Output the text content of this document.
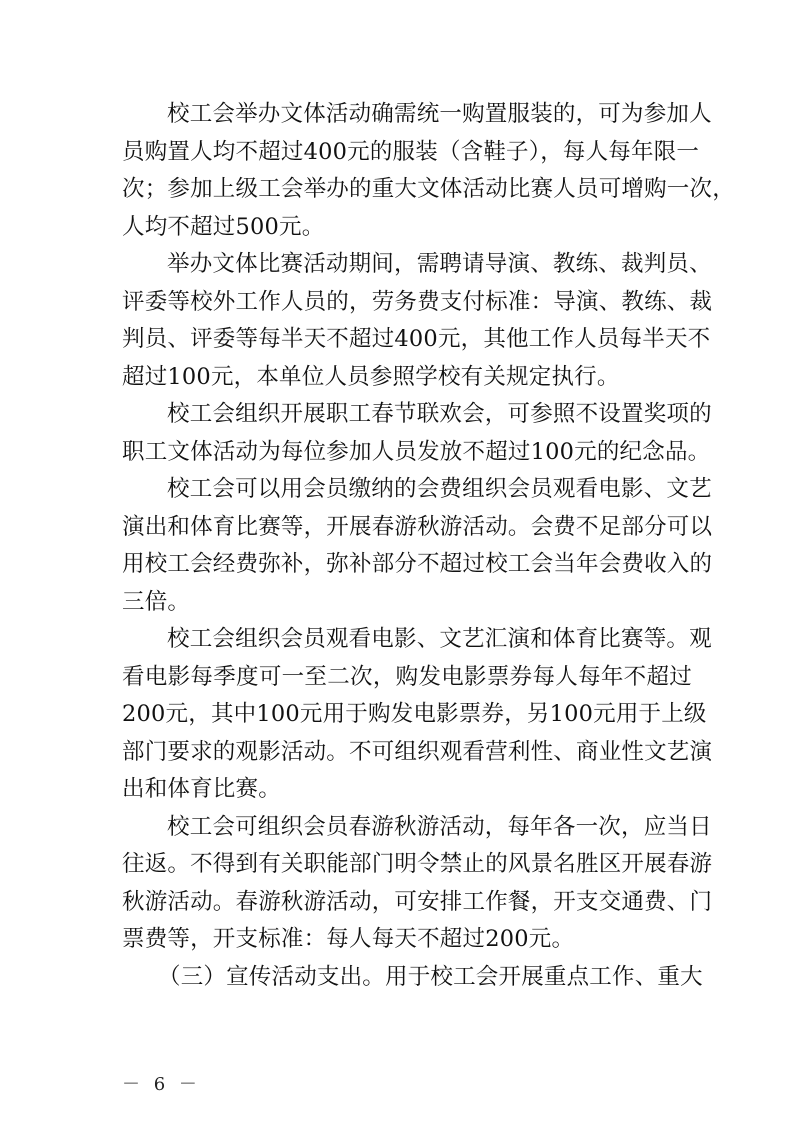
校工会举办文体活动确需统一购置服装的，可为参加人
员购置人均不超过400元的服装（含鞋子），每人每年限一
次；参加上级工会举办的重大文体活动比赛人员可增购一次，
人均不超过500元。
举办文体比赛活动期间，需聘请导演、教练、裁判员、
评委等校外工作人员的，劳务费支付标准：导演、教练、裁
判员、评委等每半天不超过400元，其他工作人员每半天不
超过100元，本单位人员参照学校有关规定执行。
校工会组织开展职工春节联欢会，可参照不设置奖项的
职工文体活动为每位参加人员发放不超过100元的纪念品。
校工会可以用会员缴纳的会费组织会员观看电影、文艺
演出和体育比赛等，开展春游秋游活动。会费不足部分可以
用校工会经费弥补，弥补部分不超过校工会当年会费收入的
三倍。
校工会组织会员观看电影、文艺汇演和体育比赛等。观
看电影每季度可一至二次，购发电影票券每人每年不超过
200元，其中100元用于购发电影票券，另100元用于上级
部门要求的观影活动。不可组织观看营利性、商业性文艺演
出和体育比赛。
校工会可组织会员春游秋游活动，每年各一次，应当日
往返。不得到有关职能部门明令禁止的风景名胜区开展春游
秋游活动。春游秋游活动，可安排工作餐，开支交通费、门
票费等，开支标准：每人每天不超过200元。
（三）宣传活动支出。用于校工会开展重点工作、重大
－ 6 －
